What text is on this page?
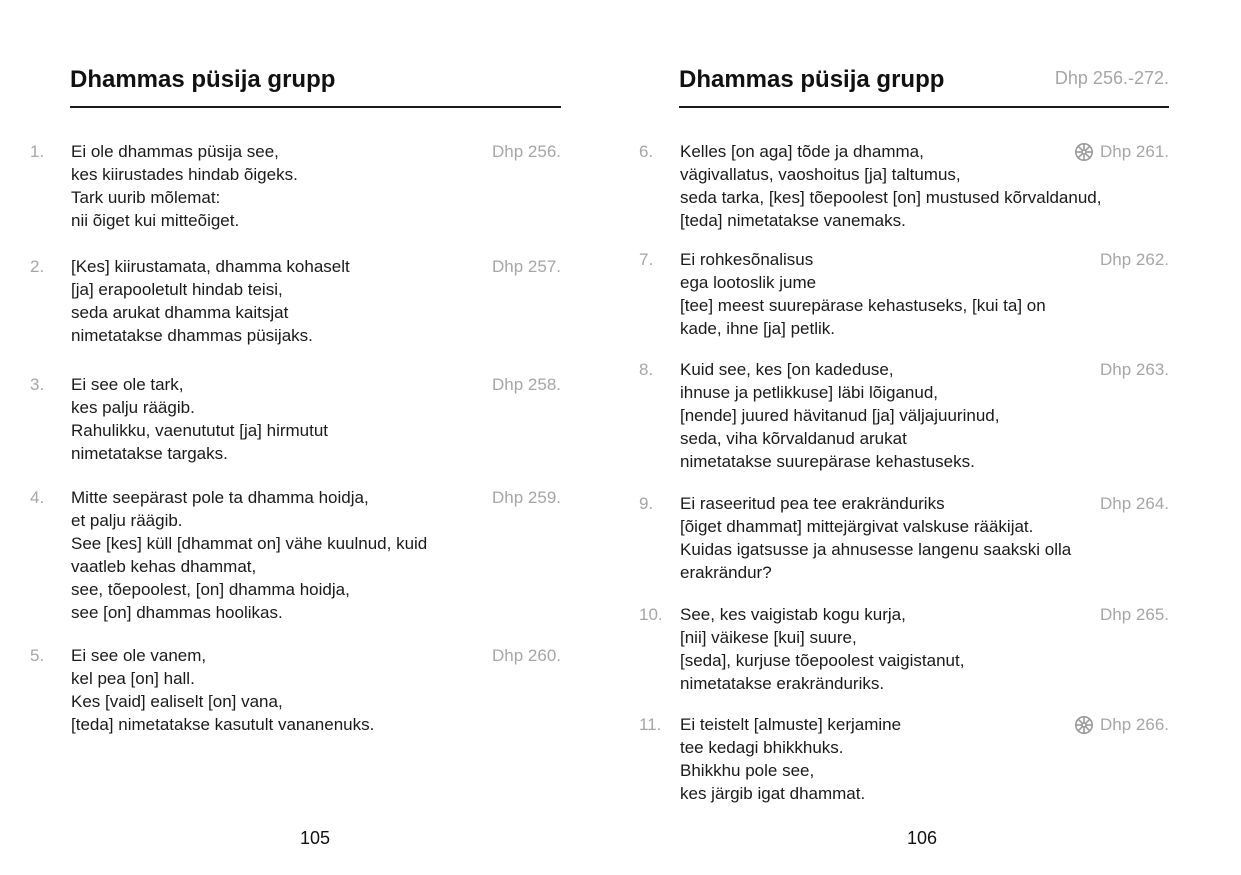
Dhammas püsija grupp
1. Ei ole dhammas püsija see,
kes kiirustades hindab õigeks.
Tark uurib mõlemat:
nii õiget kui mitteõiget.
Dhp 256.
2. [Kes] kiirustamata, dhamma kohaselt
[ja] erapooletult hindab teisi,
seda arukat dhamma kaitsjat
nimetatakse dhammas püsijaks.
Dhp 257.
3. Ei see ole tark,
kes palju räägib.
Rahulikku, vaenututut [ja] hirmutut
nimetatakse targaks.
Dhp 258.
4. Mitte seepärast pole ta dhamma hoidja,
et palju räägib.
See [kes] küll [dhammat on] vähe kuulnud, kuid
vaatleb kehas dhammat,
see, tõepoolest, [on] dhamma hoidja,
see [on] dhammas hoolikas.
Dhp 259.
5. Ei see ole vanem,
kel pea [on] hall.
Kes [vaid] ealiselt [on] vana,
[teda] nimetatakse kasutult vananenuks.
Dhp 260.
105
Dhammas püsija grupp	Dhp 256.-272.
6. Kelles [on aga] tõde ja dhamma,
vägivallatus, vaoshoitus [ja] taltumus,
seda tarka, [kes] tõepoolest [on] mustused kõrvaldanud,
[teda] nimetatakse vanemaks.
Dhp 261.
7. Ei rohkesõnalisus
ega lootoslik jume
[tee] meest suurepärase kehastuseks, [kui ta] on
kade, ihne [ja] petlik.
Dhp 262.
8. Kuid see, kes [on kadeduse,
ihnuse ja petlikkuse] läbi lõiganud,
[nende] juured hävitanud [ja] väljajuurinud,
seda, viha kõrvaldanud arukat
nimetatakse suurepärase kehastuseks.
Dhp 263.
9. Ei raseeritud pea tee erakränduriks
[õiget dhammat] mittejärgivat valskuse rääkijat.
Kuidas igatsusse ja ahnusesse langenu saakski olla
erakrändur?
Dhp 264.
10. See, kes vaigistab kogu kurja,
[nii] väikese [kui] suure,
[seda], kurjuse tõepoolest vaigistanut,
nimetatakse erakränduriks.
Dhp 265.
11. Ei teistelt [almuste] kerjamine
tee kedagi bhikkhuks.
Bhikkhu pole see,
kes järgib igat dhammat.
Dhp 266.
106
